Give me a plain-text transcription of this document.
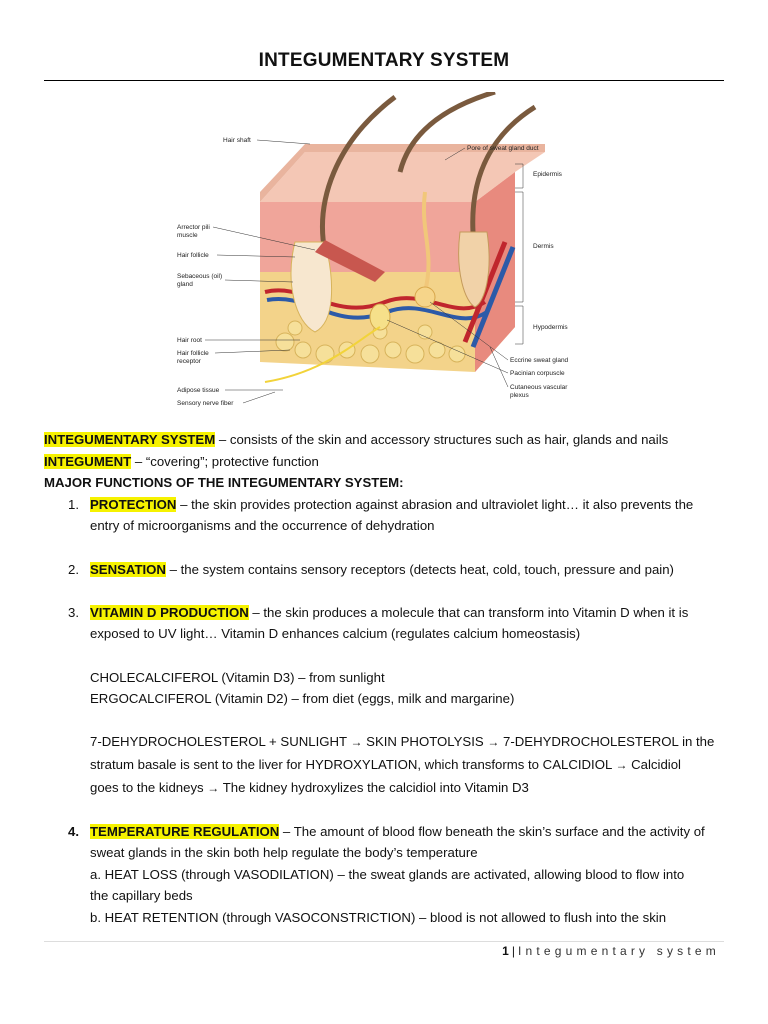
INTEGUMENTARY SYSTEM
Hair shaft
Arrector pili
muscle
Hair follicle
Sebaceous (oil)
gland
Hair root
Hair follicle
receptor
Adipose tissue
Sensory nerve fiber
Pore of sweat gland duct
Epidermis
Dermis
Hypodermis
Eccrine sweat gland
Pacinian corpuscle
Cutaneous vascular
plexus

INTEGUMENTARY SYSTEM – consists of the skin and accessory structures such as hair, glands and nails

INTEGUMENT – “covering”; protective function

MAJOR FUNCTIONS OF THE INTEGUMENTARY SYSTEM:

1. PROTECTION – the skin provides protection against abrasion and ultraviolet light… it also prevents the

entry of microorganisms and the occurrence of dehydration

2. SENSATION – the system contains sensory receptors (detects heat, cold, touch, pressure and pain)

3. VITAMIN D PRODUCTION – the skin produces a molecule that can transform into Vitamin D when it is

exposed to UV light… Vitamin D enhances calcium (regulates calcium homeostasis)

CHOLECALCIFEROL (Vitamin D3) – from sunlight

ERGOCALCIFEROL (Vitamin D2) – from diet (eggs, milk and margarine)

7-DEHYDROCHOLESTEROL + SUNLIGHT → SKIN PHOTOLYSIS → 7-DEHYDROCHOLESTEROL in the

stratum basale is sent to the liver for HYDROXYLATION, which transforms to CALCIDIOL → Calcidiol

goes to the kidneys → The kidney hydroxylizes the calcidiol into Vitamin D3

4. TEMPERATURE REGULATION – The amount of blood flow beneath the skin’s surface and the activity of

sweat glands in the skin both help regulate the body’s temperature

a. HEAT LOSS (through VASODILATION) – the sweat glands are activated, allowing blood to flow into

the capillary beds

b. HEAT RETENTION (through VASOCONSTRICTION) – blood is not allowed to flush into the skin

1 | Integumentary system
